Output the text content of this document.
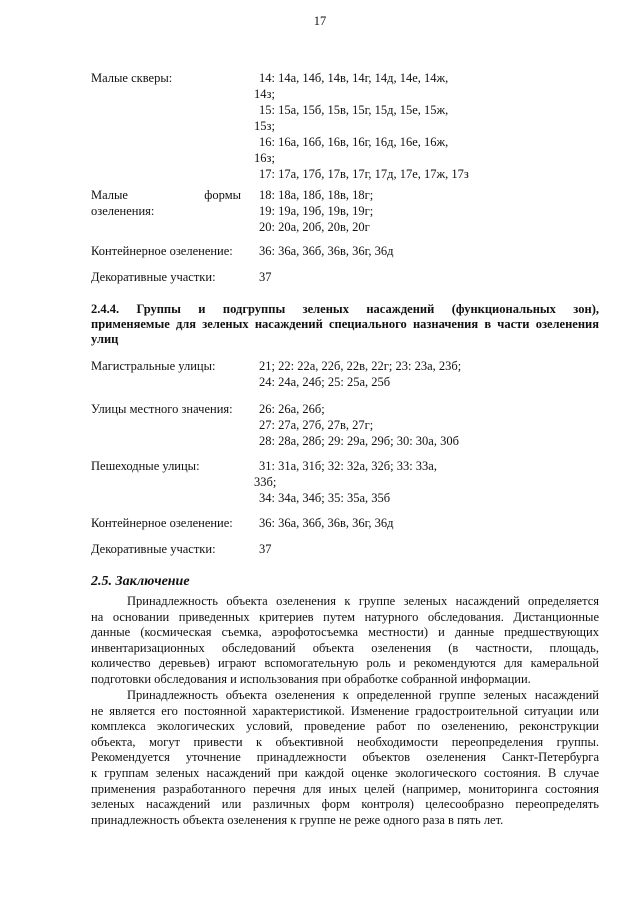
17
Малые скверы:	14: 14а, 14б, 14в, 14г, 14д, 14е, 14ж,
14з;
15: 15а, 15б, 15в, 15г, 15д, 15е, 15ж,
15з;
16: 16а, 16б, 16в, 16г, 16д, 16е, 16ж,
16з;
17: 17а, 17б, 17в, 17г, 17д, 17е, 17ж, 17з
Малые	формы
озеленения:
18: 18а, 18б, 18в, 18г;
19: 19а, 19б, 19в, 19г;
20: 20а, 20б, 20в, 20г
Контейнерное озеленение: 36: 36а, 36б, 36в, 36г, 36д
Декоративные участки:	37
2.4.4. Группы и подгруппы зеленых насаждений (функциональных зон),
применяемые для зеленых насаждений специального назначения в части озеленения
улиц
Магистральные улицы:	21; 22: 22а, 22б, 22в, 22г; 23: 23а, 23б;
24: 24а, 24б; 25: 25а, 25б
Улицы местного значения: 26: 26а, 26б;
27: 27а, 27б, 27в, 27г;
28: 28а, 28б; 29: 29а, 29б; 30: 30а, 30б
Пешеходные улицы:	31: 31а, 31б; 32: 32а, 32б; 33: 33а,
33б;
34: 34а, 34б; 35: 35а, 35б
Контейнерное озеленение: 36: 36а, 36б, 36в, 36г, 36д
Декоративные участки:	37
2.5. Заключение
Принадлежность объекта озеленения к группе зеленых насаждений определяется
на основании приведенных критериев путем натурного обследования. Дистанционные
данные (космическая съемка, аэрофотосъемка местности) и данные предшествующих
инвентаризационных обследований объекта озеленения (в частности, площадь,
количество деревьев) играют вспомогательную роль и рекомендуются для камеральной
подготовки обследования и использования при обработке собранной информации.
Принадлежность объекта озеленения к определенной группе зеленых насаждений
не является его постоянной характеристикой. Изменение градостроительной ситуации или
комплекса экологических условий, проведение работ по озеленению, реконструкции
объекта, могут привести к объективной необходимости переопределения группы.
Рекомендуется уточнение принадлежности объектов озеленения Санкт-Петербурга
к группам зеленых насаждений при каждой оценке экологического состояния. В случае
применения разработанного перечня для иных целей (например, мониторинга состояния
зеленых насаждений или различных форм контроля) целесообразно переопределять
принадлежность объекта озеленения к группе не реже одного раза в пять лет.
